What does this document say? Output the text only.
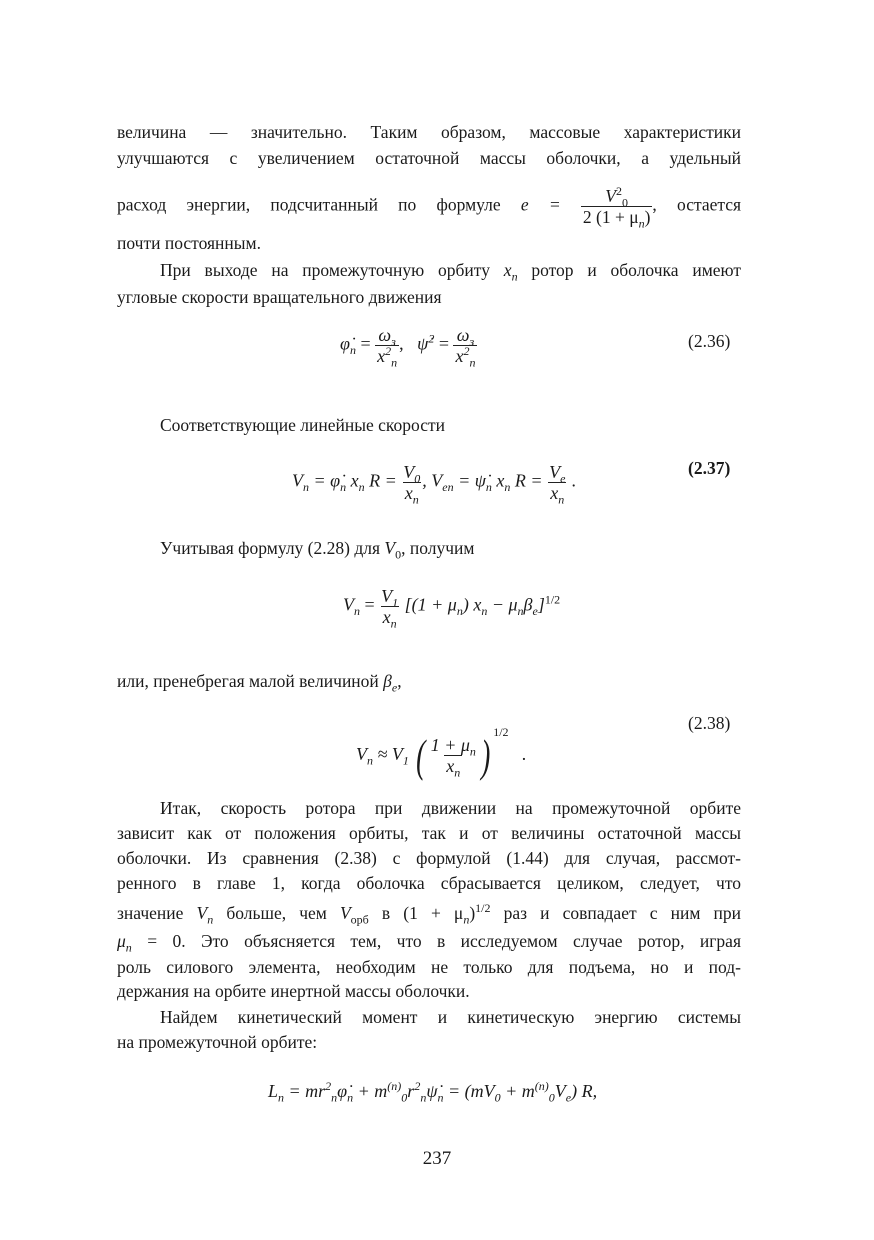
величина — значительно. Таким образом, массовые характеристики
улучшаются с увеличением остаточной массы оболочки, а удельный
расход энергии, подсчитанный по формуле $e = \frac{V^2_0}{2 (1 + \mu_n)}$ , остается
почти постоянным.
При выходе на промежуточную орбиту $x_n$ ротор и оболочка имеют
угловые скорости вращательного движения
$\varphi̇_n = \frac{\omega_з}{x^2_n}$ , ψ̇$^2$ = $\frac{\omega_з}{x^2_n}$	(2.36)
Соответствующие линейные скорости
$V_n$ = $\varphi̇_n$ $x_n$ $R = \frac{V_0}{x_n}$ , $V_{en}$ = $\psi̇_n$ $x_n$ $R = \frac{V_e}{x_n}$ .
(2.37)
Учитывая формулу (2.28) для $V_0$, получим
$V_n = \frac{V_1}{x_n} [(1 + \mu_n) x_n - \mu_n\beta_e]^{1/2}$
или, пренебрегая малой величиной $\beta_e$,
$V_n \approx V_1$ ( $\frac{1 + \mu_n}{x_n}$ ) $^{1/2}$   .
(2.38)
Итак, скорость ротора при движении на промежуточной орбите
зависит как от положения орбиты, так и от величины остаточной массы
оболочки. Из сравнения (2.38) с формулой (1.44) для случая, рассмот-
ренного в главе 1, когда оболочка сбрасывается целиком, следует, что
значение $V_n$ больше, чем $V_{орб}$ в $(1 + \mu_n)^{1/2}$ раз и совпадает с ним при
$\mu_n = 0$. Это объясняется тем, что в исследуемом случае ротор, играя
роль силового элемента, необходим не только для подъема, но и под-
держания на орбите инертной массы оболочки.
Найдем кинетический момент и кинетическую энергию системы
на промежуточной орбите:
$L_n$ = $mr^2_n\varphi̇_n$ + $m^{(n)}_0r^2_n\psi̇_n = (mV_0 + m^{(n)}_0V_e)$ R,
237
